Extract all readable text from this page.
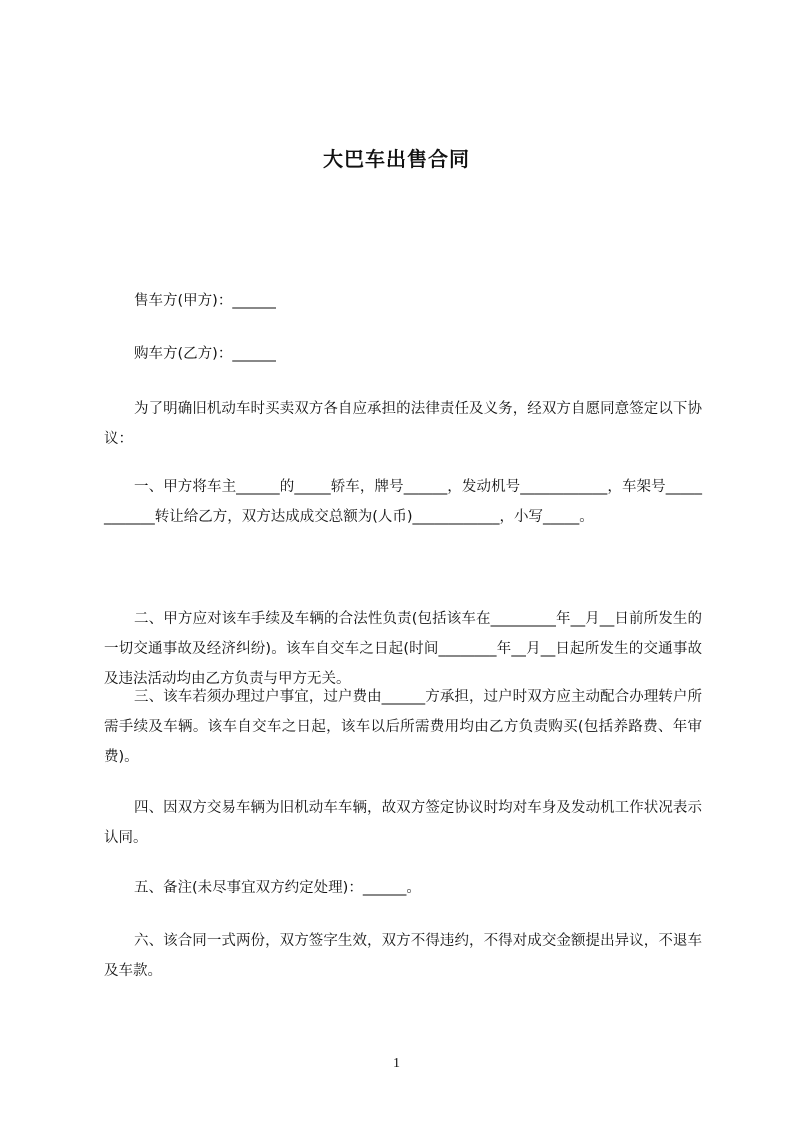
大巴车出售合同
售车方(甲方)：______
购车方(乙方)：______
为了明确旧机动车时买卖双方各自应承担的法律责任及义务，经双方自愿同意签定以下协议：
一、甲方将车主______的_____轿车，牌号______，发动机号____________，车架号____________转让给乙方，双方达成成交总额为(人币)____________，小写_____。
二、甲方应对该车手续及车辆的合法性负责(包括该车在_________年__月__日前所发生的一切交通事故及经济纠纷)。该车自交车之日起(时间________年__月__日起所发生的交通事故及违法活动均由乙方负责与甲方无关。
三、该车若须办理过户事宜，过户费由______方承担，过户时双方应主动配合办理转户所需手续及车辆。该车自交车之日起，该车以后所需费用均由乙方负责购买(包括养路费、年审费)。
四、因双方交易车辆为旧机动车车辆，故双方签定协议时均对车身及发动机工作状况表示认同。
五、备注(未尽事宜双方约定处理)：______。
六、该合同一式两份，双方签字生效，双方不得违约，不得对成交金额提出异议，不退车及车款。
1
